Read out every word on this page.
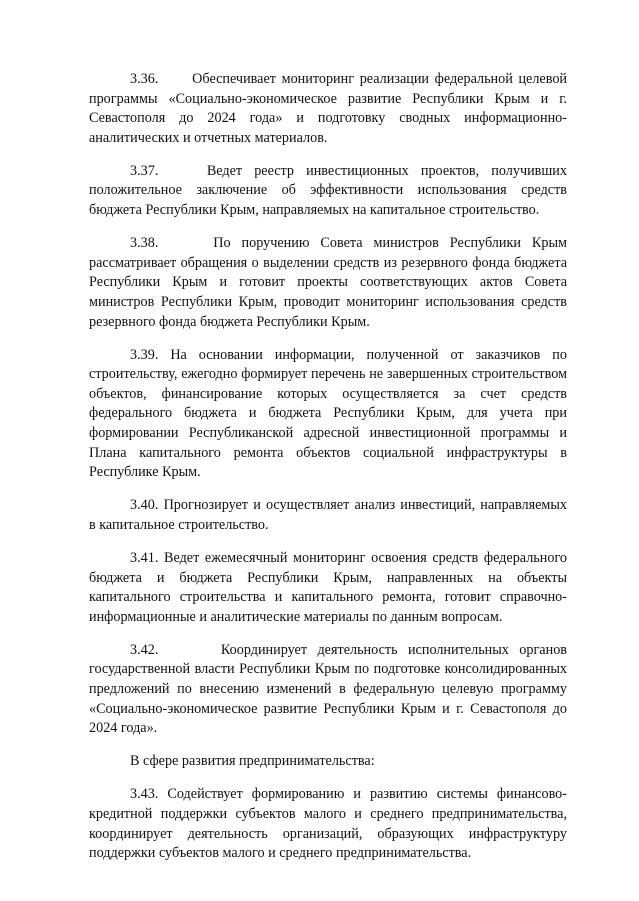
3.36. Обеспечивает мониторинг реализации федеральной целевой программы «Социально-экономическое развитие Республики Крым и г. Севастополя до 2024 года» и подготовку сводных информационно-аналитических и отчетных материалов.

3.37.	Ведет реестр инвестиционных проектов, получивших положительное заключение об эффективности использования средств бюджета Республики Крым, направляемых на капитальное строительство.

3.38.	По поручению Совета министров Республики Крым рассматривает обращения о выделении средств из резервного фонда бюджета Республики Крым и готовит проекты соответствующих актов Совета министров Республики Крым, проводит мониторинг использования средств резервного фонда бюджета Республики Крым.

3.39. На основании информации, полученной от заказчиков по строительству, ежегодно формирует перечень не завершенных строительством объектов, финансирование которых осуществляется за счет средств федерального бюджета и бюджета Республики Крым, для учета при формировании Республиканской адресной инвестиционной программы и Плана капитального ремонта объектов социальной инфраструктуры в Республике Крым.

3.40. Прогнозирует и осуществляет анализ инвестиций, направляемых в капитальное строительство.

3.41. Ведет ежемесячный мониторинг освоения средств федерального бюджета и бюджета Республики Крым, направленных на объекты капитального строительства и капитального ремонта, готовит справочно-информационные и аналитические материалы по данным вопросам.

3.42.	Координирует деятельность исполнительных органов государственной власти Республики Крым по подготовке консолидированных предложений по внесению изменений в федеральную целевую программу «Социально-экономическое развитие Республики Крым и г. Севастополя до 2024 года».

В сфере развития предпринимательства:

3.43. Содействует формированию и развитию системы финансово-кредитной поддержки субъектов малого и среднего предпринимательства, координирует деятельность организаций, образующих инфраструктуру поддержки субъектов малого и среднего предпринимательства.
